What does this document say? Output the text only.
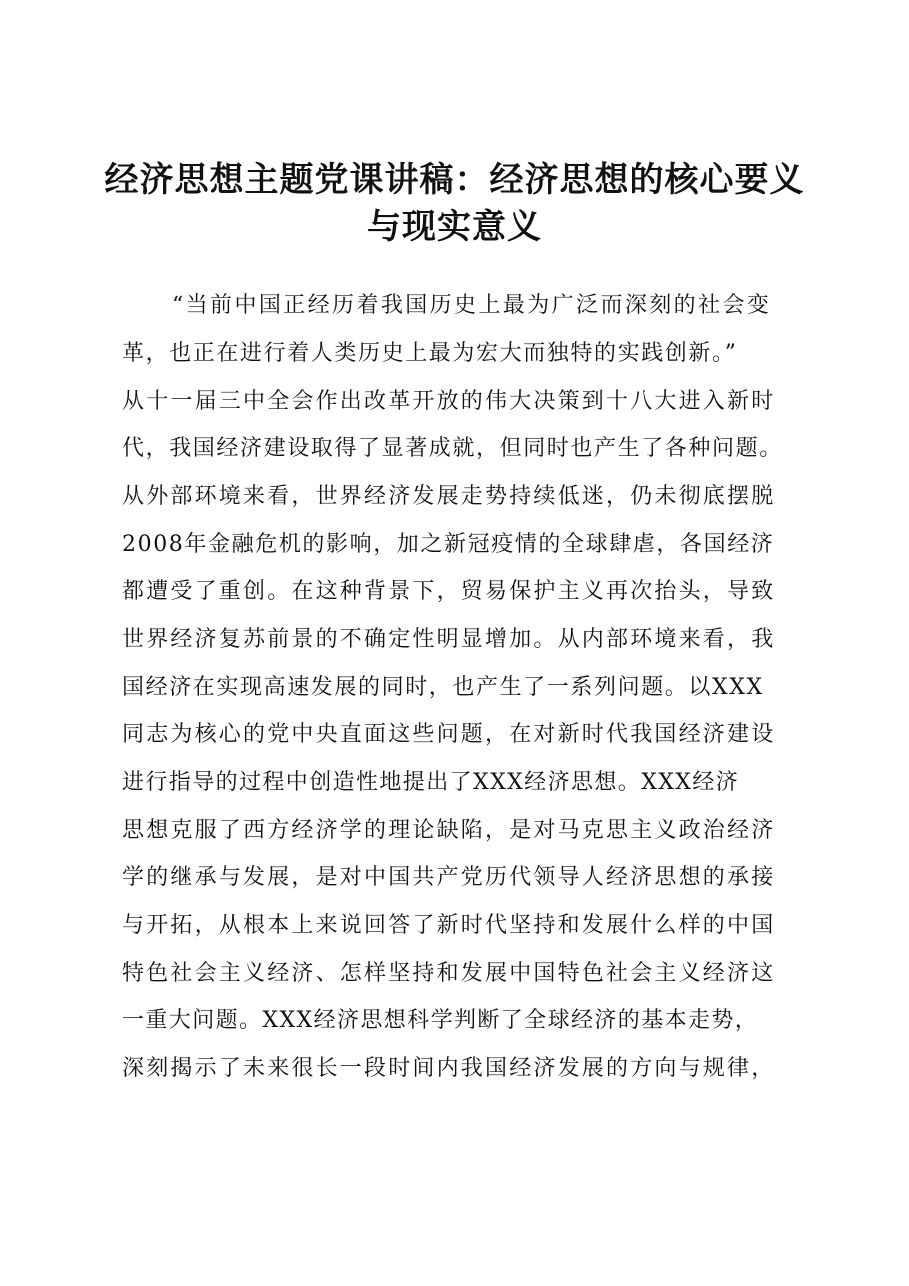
经济思想主题党课讲稿：经济思想的核心要义
与现实意义
“当前中国正经历着我国历史上最为广泛而深刻的社会变
革，也正在进行着人类历史上最为宏大而独特的实践创新。”
从十一届三中全会作出改革开放的伟大决策到十八大进入新时
代，我国经济建设取得了显著成就，但同时也产生了各种问题。
从外部环境来看，世界经济发展走势持续低迷，仍未彻底摆脱
2008年金融危机的影响，加之新冠疫情的全球肆虐，各国经济
都遭受了重创。在这种背景下，贸易保护主义再次抬头，导致
世界经济复苏前景的不确定性明显增加。从内部环境来看，我
国经济在实现高速发展的同时，也产生了一系列问题。以XXX
同志为核心的党中央直面这些问题，在对新时代我国经济建设
进行指导的过程中创造性地提出了XXX经济思想。XXX经济
思想克服了西方经济学的理论缺陷，是对马克思主义政治经济
学的继承与发展，是对中国共产党历代领导人经济思想的承接
与开拓，从根本上来说回答了新时代坚持和发展什么样的中国
特色社会主义经济、怎样坚持和发展中国特色社会主义经济这
一重大问题。XXX经济思想科学判断了全球经济的基本走势，
深刻揭示了未来很长一段时间内我国经济发展的方向与规律，
